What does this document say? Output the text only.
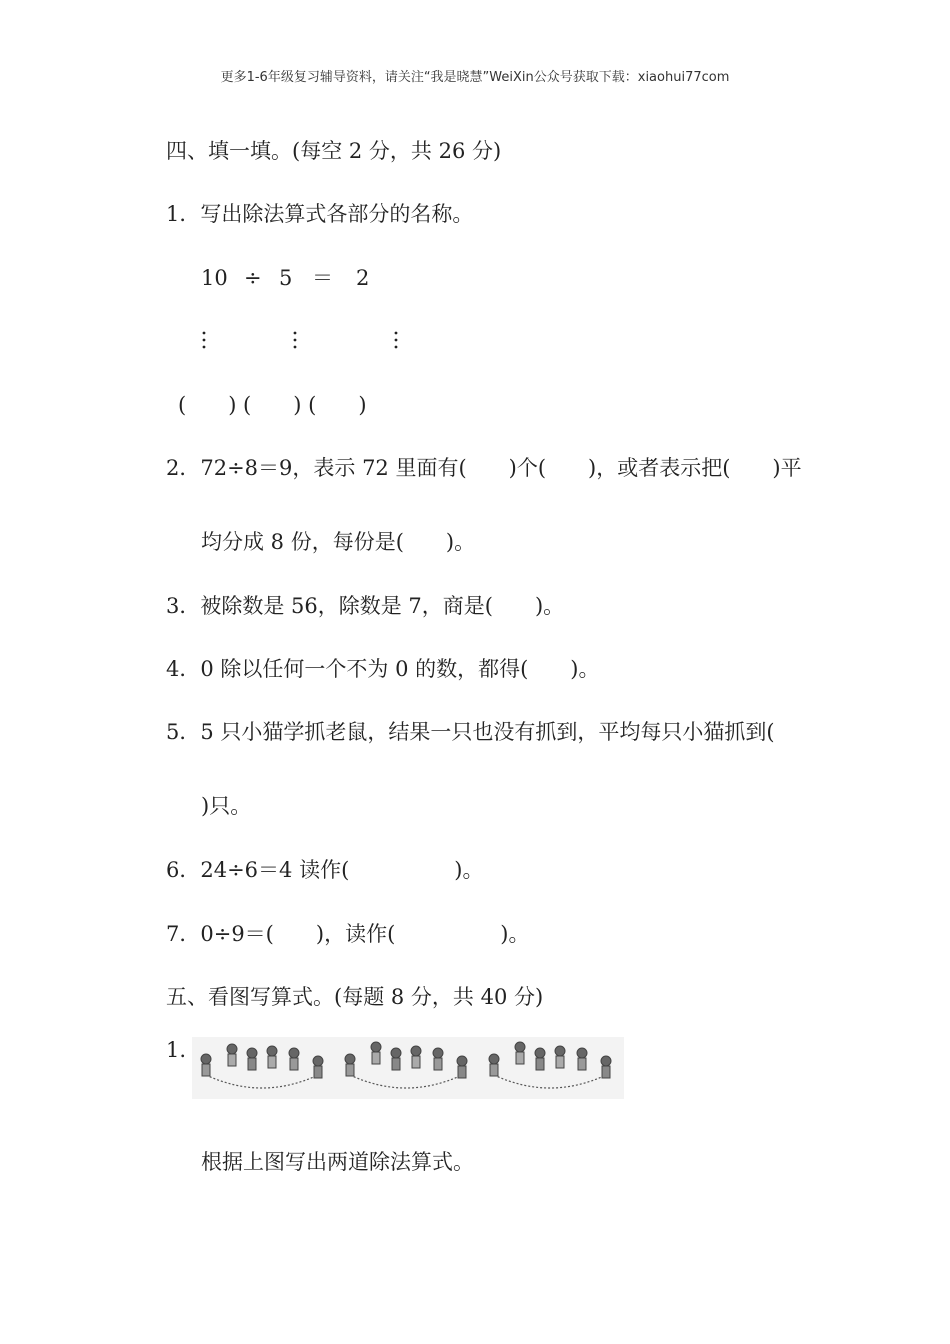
更多1-6年级复习辅导资料，请关注“我是晓慧”WeiXin公众号获取下载：xiaohui77com
四、填一填。(每空 2 分，共 26 分)
1．写出除法算式各部分的名称。
10 ÷ 5 ＝ 2
(　　) (　　) (　　)
2．72÷8＝9，表示 72 里面有(　　)个(　　)，或者表示把(　　)平
均分成 8 份，每份是(　　)。
3．被除数是 56，除数是 7，商是(　　)。
4．0 除以任何一个不为 0 的数，都得(　　)。
5．5 只小猫学抓老鼠，结果一只也没有抓到，平均每只小猫抓到(
)只。
6．24÷6＝4 读作(　　　　　)。
7．0÷9＝(　　)，读作(　　　　　)。
五、看图写算式。(每题 8 分，共 40 分)
1.
根据上图写出两道除法算式。
